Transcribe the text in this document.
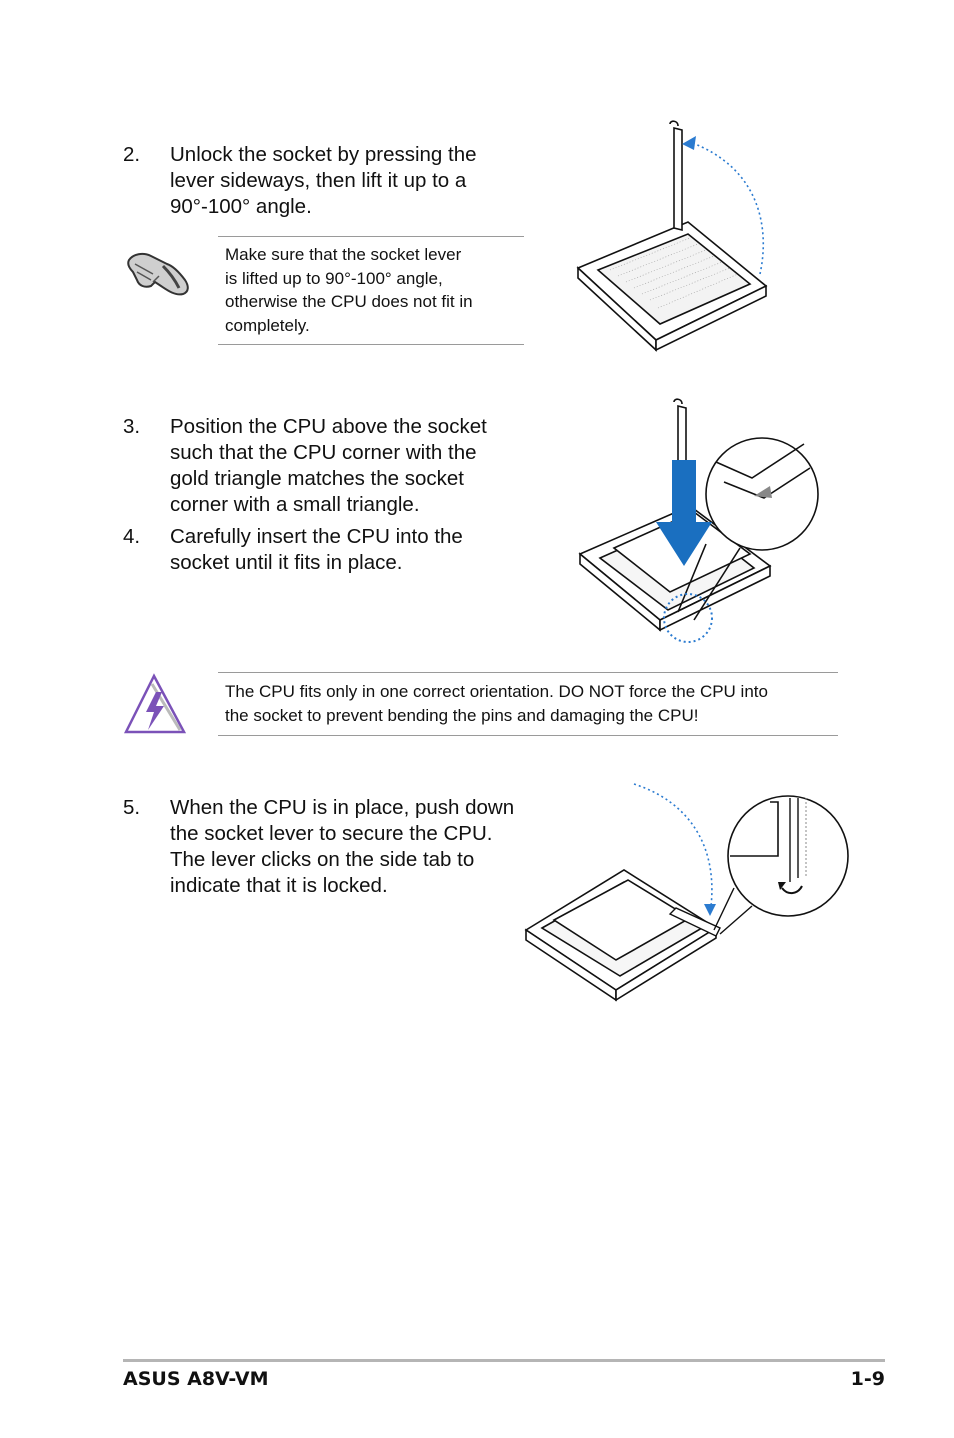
2. Unlock the socket by pressing the
lever sideways, then lift it up to a
90°-100° angle.
Make sure that the socket lever
is lifted up to 90°-100° angle,
otherwise the CPU does not fit in
completely.
3. Position the CPU above the socket
such that the CPU corner with the
gold triangle matches the socket
corner with a small triangle.
4. Carefully insert the CPU into the
socket until it fits in place.
The CPU fits only in one correct orientation. DO NOT force the CPU into
the socket to prevent bending the pins and damaging the CPU!
5. When the CPU is in place, push down
the socket lever to secure the CPU.
The lever clicks on the side tab to
indicate that it is locked.
ASUS A8V-VM	1-9
